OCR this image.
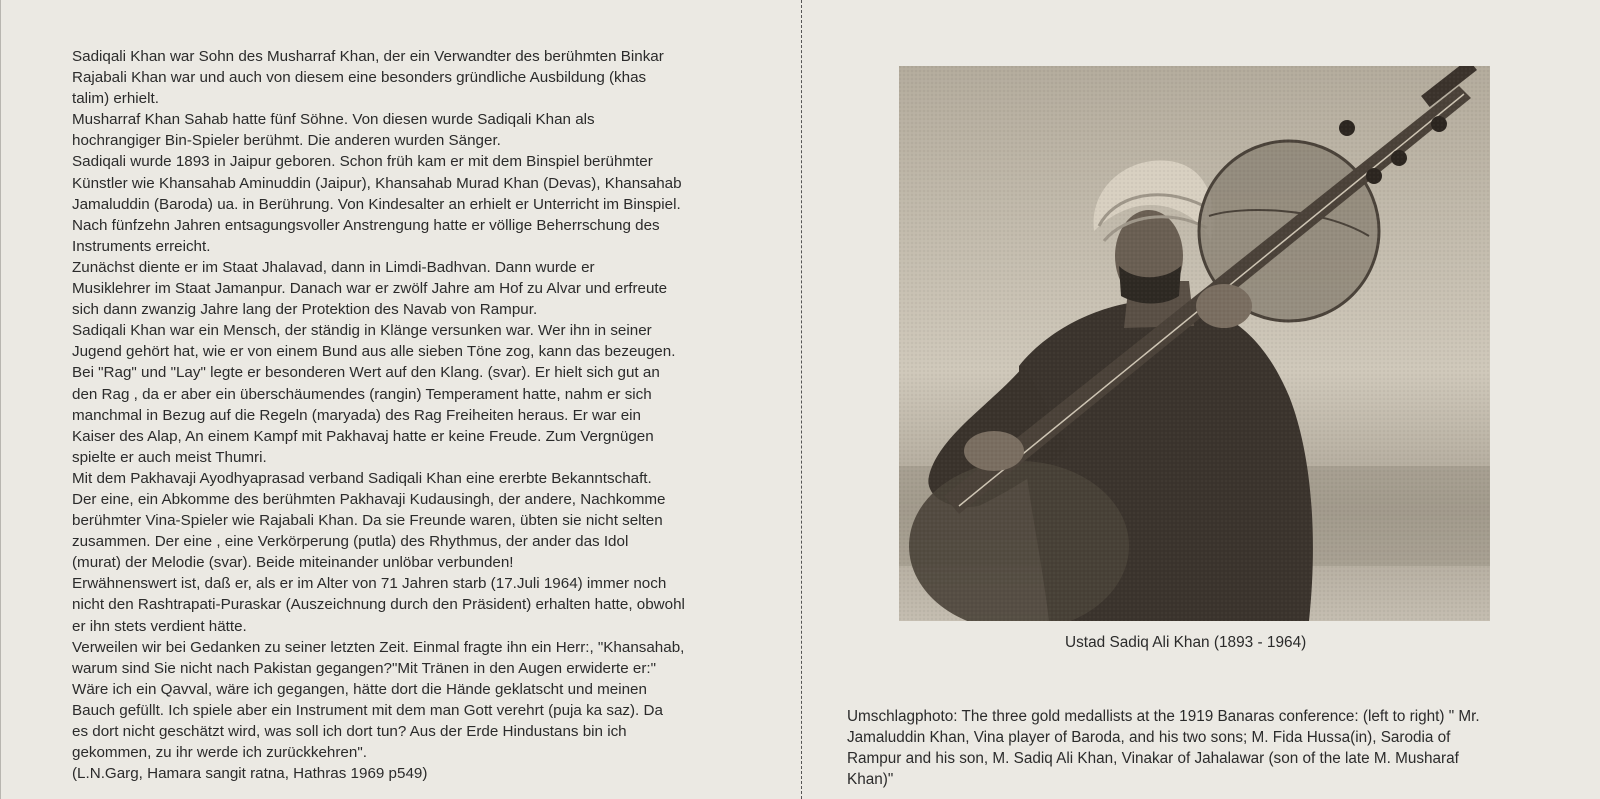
Sadiqali Khan war Sohn des Musharraf Khan, der ein Verwandter des berühmten Binkar
Rajabali Khan war und auch von diesem eine besonders gründliche Ausbildung (khas
talim) erhielt.
Musharraf Khan Sahab hatte fünf Söhne. Von diesen wurde Sadiqali Khan als
hochrangiger Bin-Spieler berühmt. Die anderen wurden Sänger.
Sadiqali wurde 1893 in Jaipur geboren. Schon früh kam er mit dem Binspiel berühmter
Künstler wie Khansahab Aminuddin (Jaipur), Khansahab Murad Khan (Devas), Khansahab
Jamaluddin (Baroda) ua. in Berührung. Von Kindesalter an erhielt er Unterricht im Binspiel.
Nach fünfzehn Jahren entsagungsvoller Anstrengung hatte er völlige Beherrschung des
Instruments erreicht.
Zunächst diente er im Staat Jhalavad, dann in Limdi-Badhvan. Dann wurde er
Musiklehrer im Staat Jamanpur. Danach war er zwölf Jahre am Hof zu Alvar und erfreute
sich dann zwanzig Jahre lang der Protektion des Navab von Rampur.
Sadiqali Khan war ein Mensch, der ständig in Klänge versunken war. Wer ihn in seiner
Jugend gehört hat, wie er von einem Bund aus alle sieben Töne zog, kann das bezeugen.
Bei "Rag" und "Lay" legte er besonderen Wert auf den Klang. (svar). Er hielt sich gut an
den Rag , da er aber ein überschäumendes (rangin) Temperament hatte, nahm er sich
manchmal in Bezug auf die Regeln (maryada) des Rag Freiheiten heraus. Er war ein
Kaiser des Alap, An einem Kampf mit Pakhavaj hatte er keine Freude. Zum Vergnügen
spielte er auch meist Thumri.
Mit dem Pakhavaji Ayodhyaprasad verband Sadiqali Khan eine ererbte Bekanntschaft.
Der eine, ein Abkomme des berühmten Pakhavaji Kudausingh, der andere, Nachkomme
berühmter Vina-Spieler wie Rajabali Khan. Da sie Freunde waren, übten sie nicht selten
zusammen. Der eine , eine Verkörperung (putla) des Rhythmus, der ander das Idol
(murat) der Melodie (svar). Beide miteinander unlöbar verbunden!
Erwähnenswert ist, daß er, als er im Alter von 71 Jahren starb (17.Juli 1964) immer noch
nicht den Rashtrapati-Puraskar (Auszeichnung durch den Präsident) erhalten hatte, obwohl
er ihn stets verdient hätte.
Verweilen wir bei Gedanken zu seiner letzten Zeit. Einmal fragte ihn ein Herr:, "Khansahab,
warum sind Sie nicht nach Pakistan gegangen?"Mit Tränen in den Augen erwiderte er:"
Wäre ich ein Qavval, wäre ich gegangen, hätte dort die Hände geklatscht und meinen
Bauch gefüllt. Ich spiele aber ein Instrument mit dem man Gott verehrt (puja ka saz). Da
es dort nicht geschätzt wird, was soll ich dort tun? Aus der Erde Hindustans bin ich
gekommen, zu ihr werde ich zurückkehren".
(L.N.Garg, Hamara sangit ratna, Hathras 1969 p549)
Ustad Sadiq Ali Khan (1893 - 1964)
Umschlagphoto: The three gold medallists at the 1919 Banaras conference: (left to right) " Mr.
Jamaluddin Khan, Vina player of Baroda, and his two sons; M. Fida Hussa(in), Sarodia of
Rampur and his son, M. Sadiq Ali Khan, Vinakar of Jahalawar (son of the late M. Musharaf
Khan)"
